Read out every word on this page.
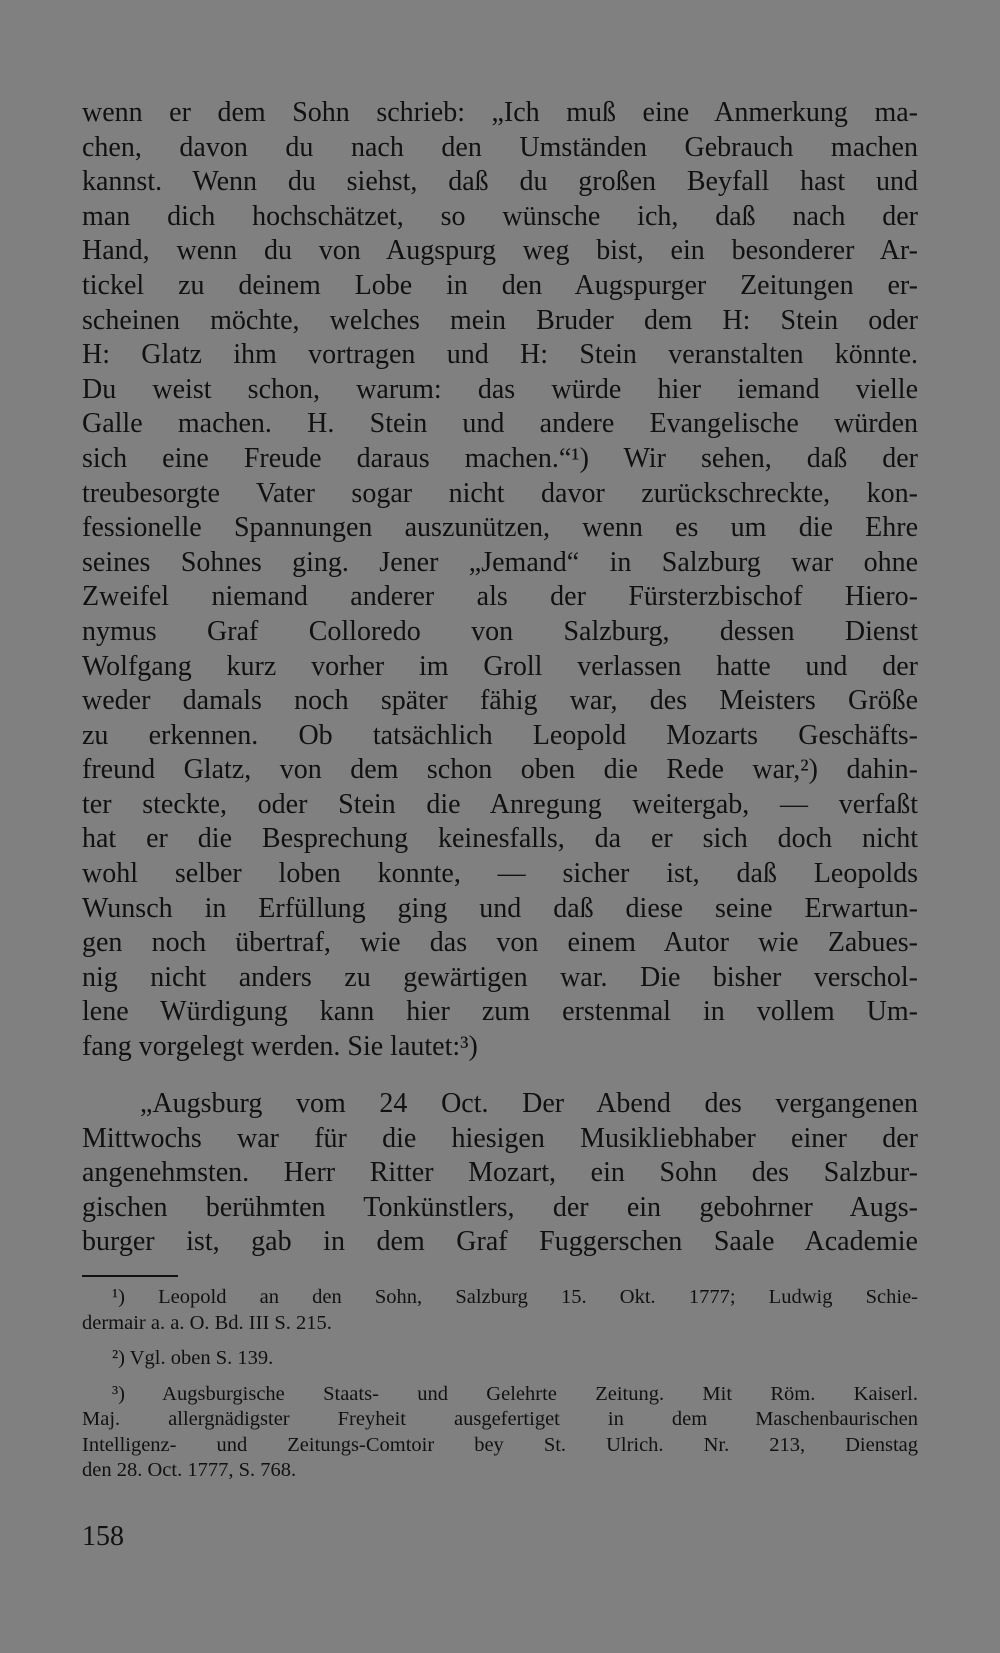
wenn er dem Sohn schrieb: „Ich muß eine Anmerkung ma-
chen, davon du nach den Umständen Gebrauch machen
kannst. Wenn du siehst, daß du großen Beyfall hast und
man dich hochschätzet, so wünsche ich, daß nach der
Hand, wenn du von Augspurg weg bist, ein besonderer Ar-
tickel zu deinem Lobe in den Augspurger Zeitungen er-
scheinen möchte, welches mein Bruder dem H: Stein oder
H: Glatz ihm vortragen und H: Stein veranstalten könnte.
Du weist schon, warum: das würde hier iemand vielle
Galle machen. H. Stein und andere Evangelische würden
sich eine Freude daraus machen.“¹) Wir sehen, daß der
treubesorgte Vater sogar nicht davor zurückschreckte, kon-
fessionelle Spannungen auszunützen, wenn es um die Ehre
seines Sohnes ging. Jener „Jemand“ in Salzburg war ohne
Zweifel niemand anderer als der Fürsterzbischof Hiero-
nymus Graf Colloredo von Salzburg, dessen Dienst
Wolfgang kurz vorher im Groll verlassen hatte und der
weder damals noch später fähig war, des Meisters Größe
zu erkennen. Ob tatsächlich Leopold Mozarts Geschäfts-
freund Glatz, von dem schon oben die Rede war,²) dahin-
ter steckte, oder Stein die Anregung weitergab, — verfaßt
hat er die Besprechung keinesfalls, da er sich doch nicht
wohl selber loben konnte, — sicher ist, daß Leopolds
Wunsch in Erfüllung ging und daß diese seine Erwartun-
gen noch übertraf, wie das von einem Autor wie Zabues-
nig nicht anders zu gewärtigen war. Die bisher verschol-
lene Würdigung kann hier zum erstenmal in vollem Um-
fang vorgelegt werden. Sie lautet:³)
„Augsburg vom 24 Oct. Der Abend des vergangenen
Mittwochs war für die hiesigen Musikliebhaber einer der
angenehmsten. Herr Ritter Mozart, ein Sohn des Salzbur-
gischen berühmten Tonkünstlers, der ein gebohrner Augs-
burger ist, gab in dem Graf Fuggerschen Saale Academie
¹) Leopold an den Sohn, Salzburg 15. Okt. 1777; Ludwig Schie-
dermair a. a. O. Bd. III S. 215.
²) Vgl. oben S. 139.
³) Augsburgische Staats- und Gelehrte Zeitung. Mit Röm. Kaiserl.
Maj. allergnädigster Freyheit ausgefertiget in dem Maschenbaurischen
Intelligenz- und Zeitungs-Comtoir bey St. Ulrich. Nr. 213, Dienstag
den 28. Oct. 1777, S. 768.
158
